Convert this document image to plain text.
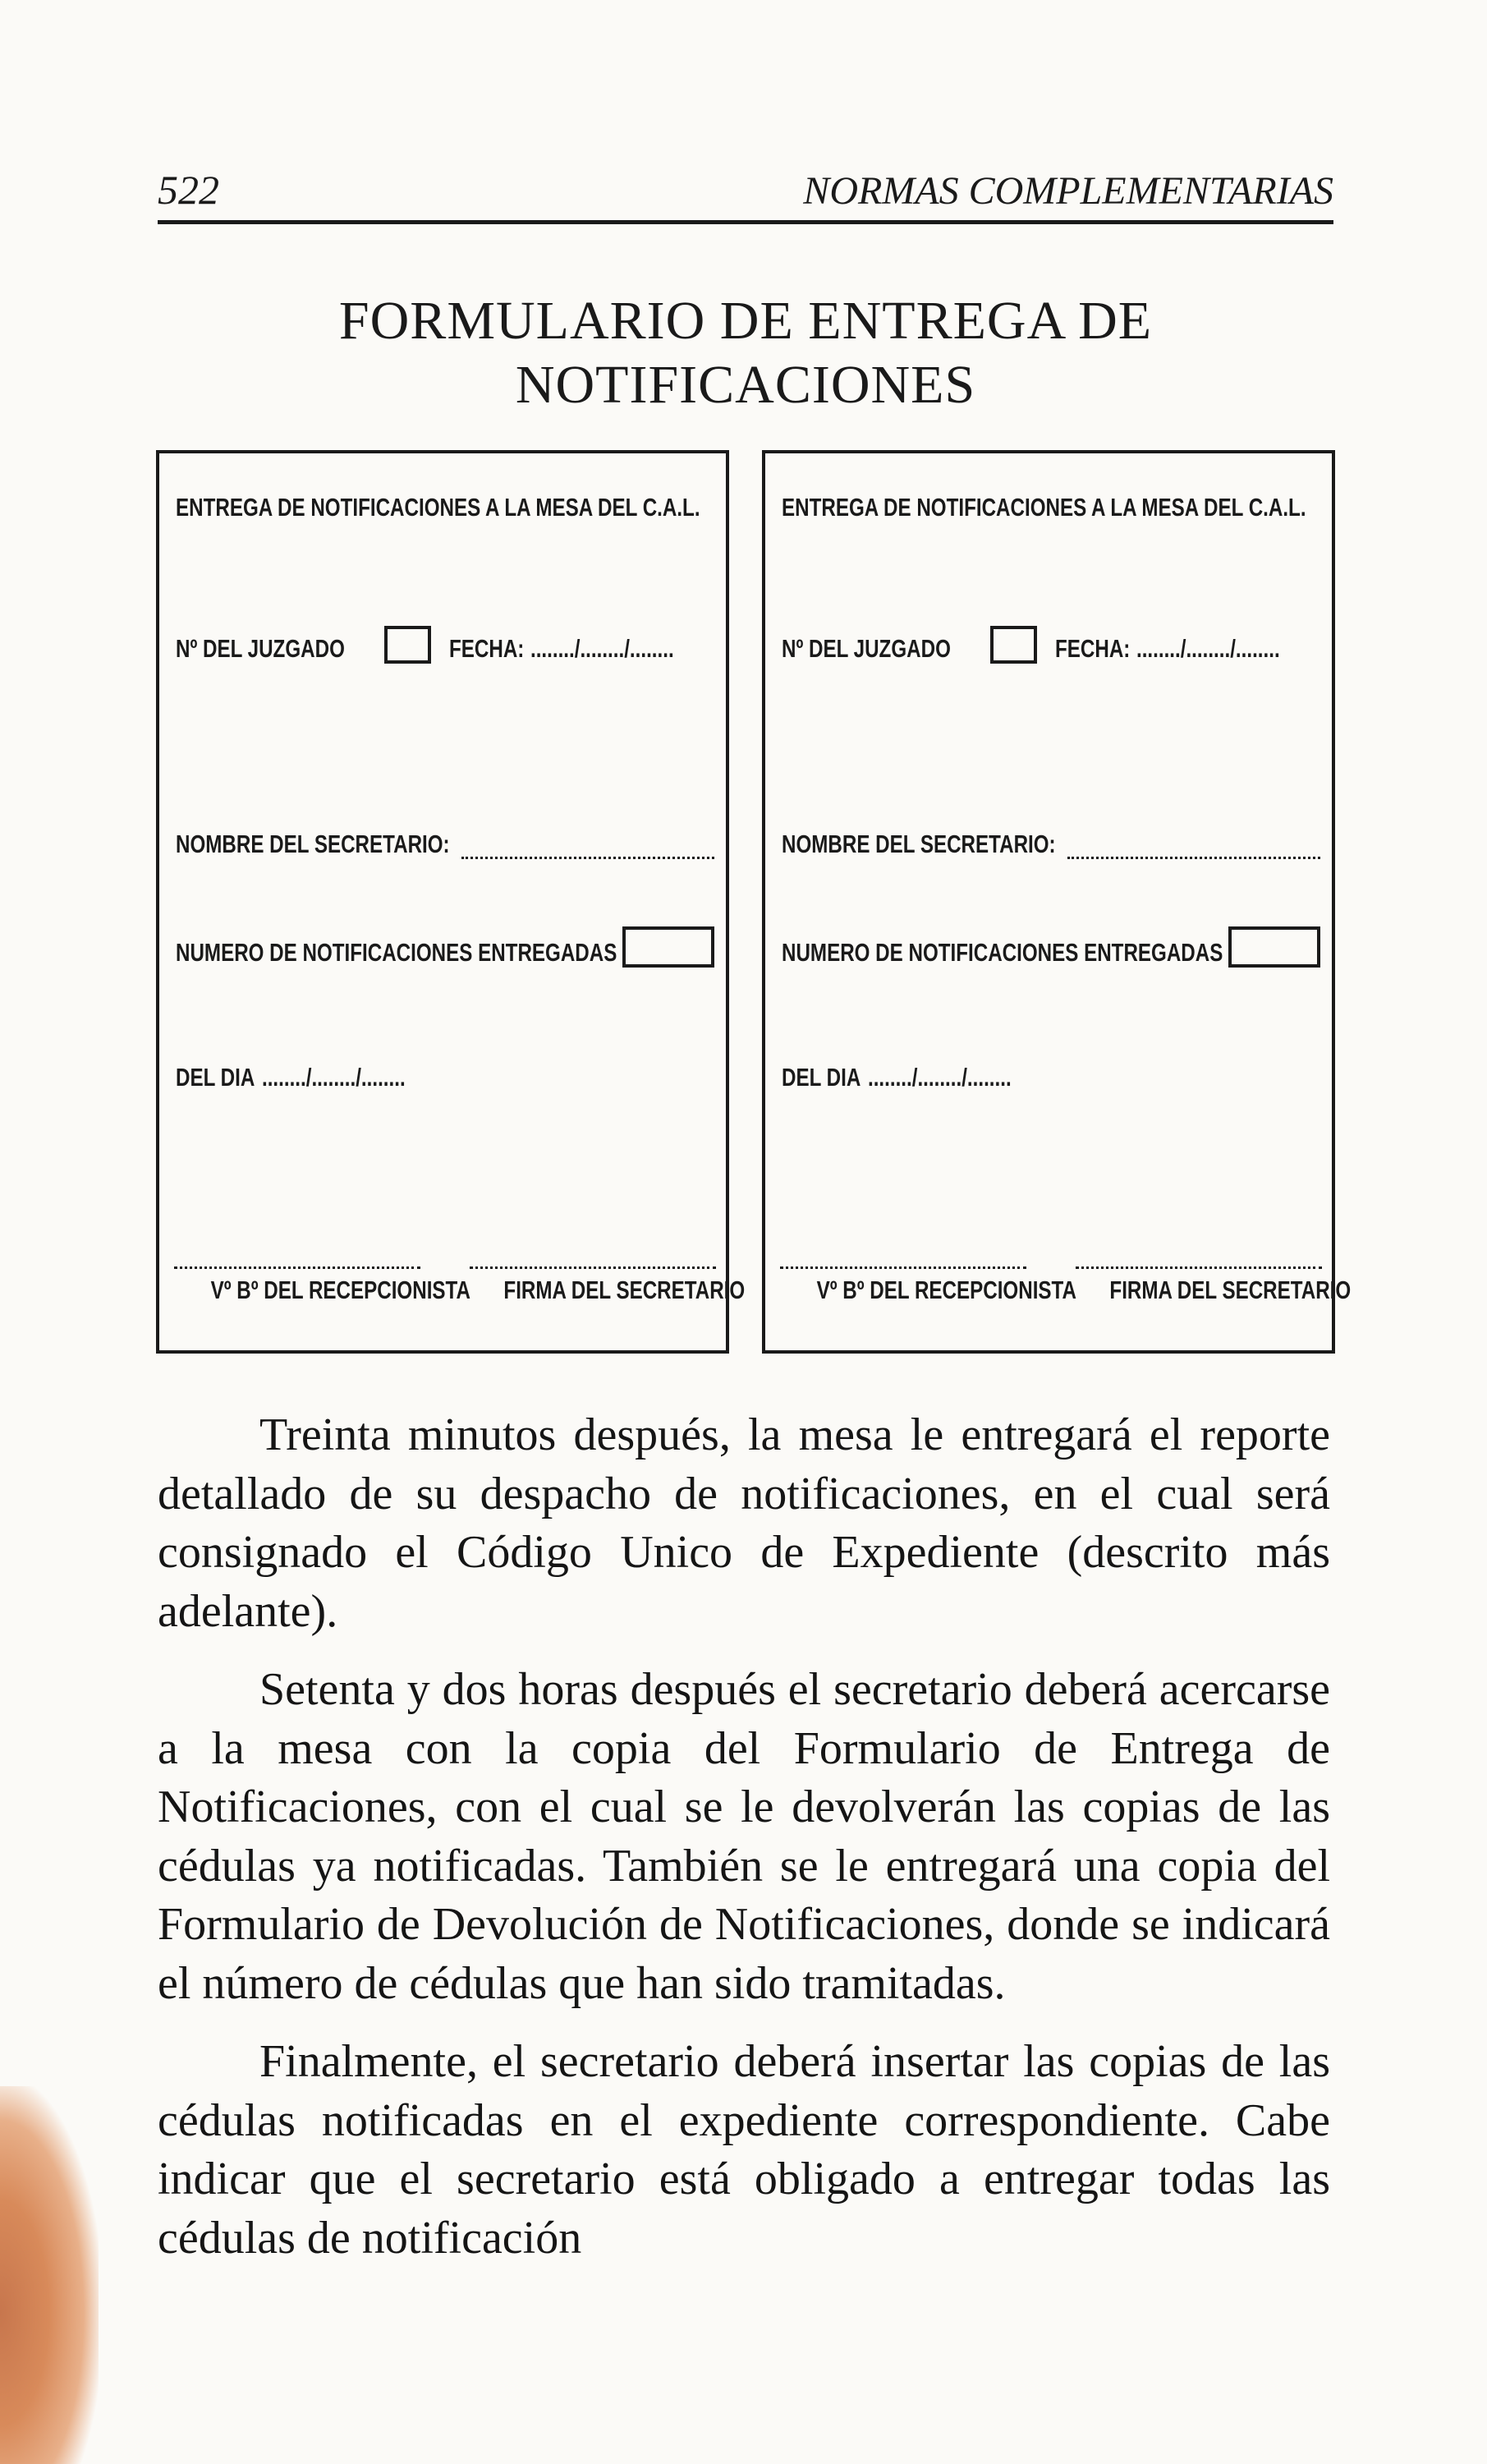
522	NORMAS COMPLEMENTARIAS
FORMULARIO DE ENTREGA DE NOTIFICACIONES
ENTREGA DE NOTIFICACIONES A LA MESA DEL C.A.L.
Nº DEL JUZGADO	FECHA: ......../......../........
NOMBRE DEL SECRETARIO:
NUMERO DE NOTIFICACIONES ENTREGADAS
DEL DIA ......../......../........
Vº Bº DEL RECEPCIONISTA	FIRMA DEL SECRETARIO
ENTREGA DE NOTIFICACIONES A LA MESA DEL C.A.L.
Nº DEL JUZGADO	FECHA: ......../......../........
NOMBRE DEL SECRETARIO:
NUMERO DE NOTIFICACIONES ENTREGADAS
DEL DIA ......../......../........
Vº Bº DEL RECEPCIONISTA	FIRMA DEL SECRETARIO

Treinta minutos después, la mesa le entregará el reporte detallado de su despacho de notificaciones, en el cual será consignado el Código Unico de Expediente (descrito más adelante).

Setenta y dos horas después el secretario deberá acercarse a la mesa con la copia del Formulario de Entrega de Notificaciones, con el cual se le devolverán las copias de las cédulas ya notificadas. También se le entregará una copia del Formulario de Devolución de Notificaciones, donde se indicará el número de cédulas que han sido tramitadas.

Finalmente, el secretario deberá insertar las copias de las cédulas notificadas en el expediente correspondiente. Cabe indicar que el secretario está obligado a entregar todas las cédulas de notificación
